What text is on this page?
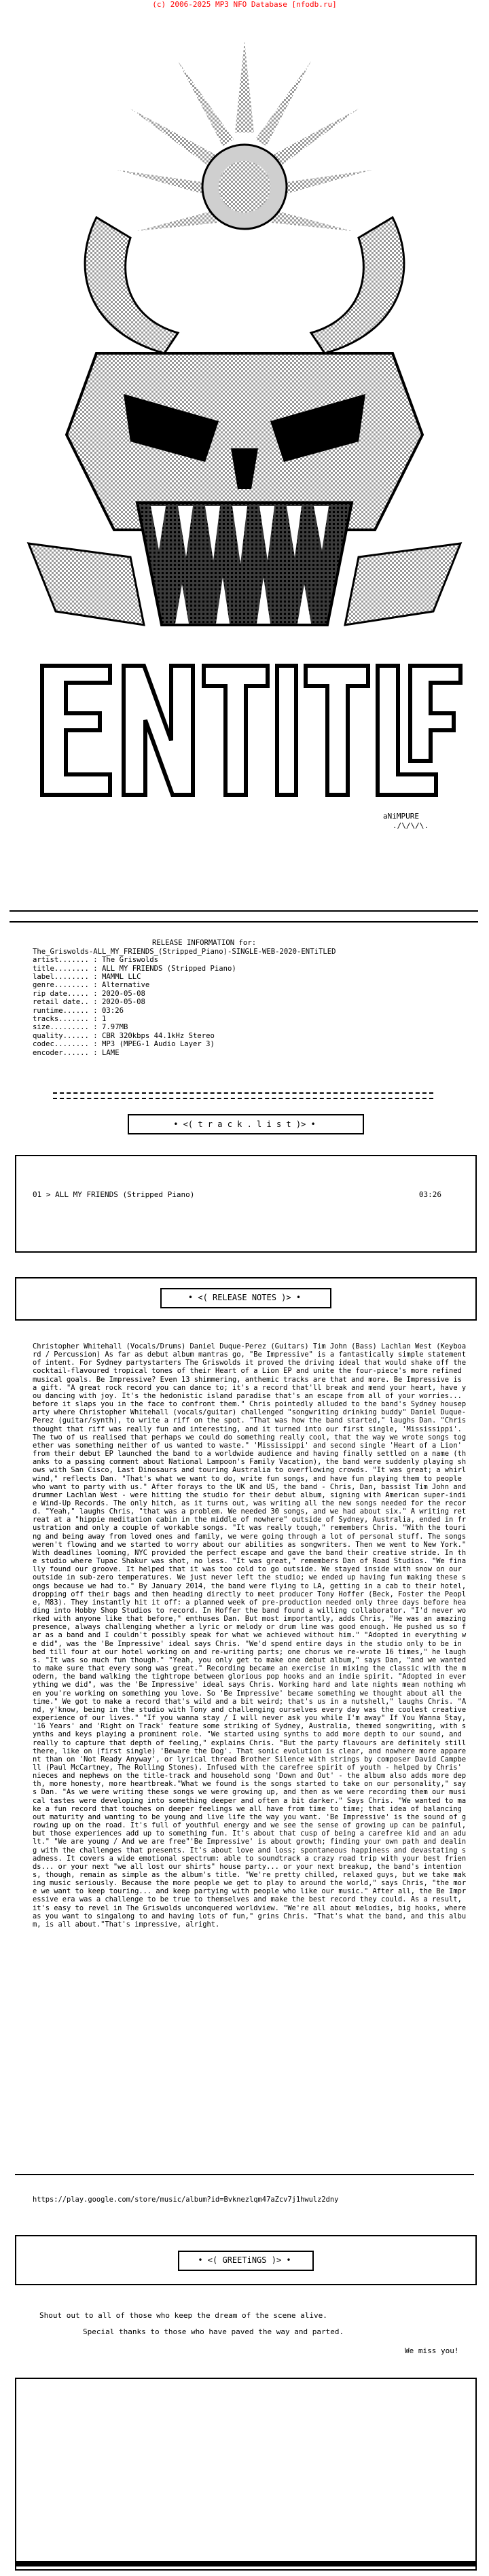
(c) 2006-2025 MP3 NFO Database [nfodb.ru]
aNiMPURE
./\/\/\.

RELEASE INFORMATION for:
The_Griswolds-ALL_MY_FRIENDS_(Stripped_Piano)-SINGLE-WEB-2020-ENTiTLED
artist....... : The Griswolds
title........ : ALL MY FRIENDS (Stripped Piano)
label........ : MAMML LLC
genre........ : Alternative
rip date..... : 2020-05-08
retail date.. : 2020-05-08
runtime...... : 03:26
tracks....... : 1
size......... : 7.97MB
quality...... : CBR 320kbps 44.1kHz Stereo
codec........ : MP3 (MPEG-1 Audio Layer 3)
encoder...... : LAME
• <( t r a c k . l i s t )> •
01 > ALL MY FRIENDS (Stripped Piano)	03:26
• <( RELEASE NOTES )> •
Christopher Whitehall (Vocals/Drums) Daniel Duque-Perez (Guitars) Tim John (Bass) Lachlan West (Keyboard / Percussion) As far as debut album mantras go, "Be Impressive" is a fantastically simple statement of intent. For Sydney partystarters The Griswolds it proved the driving ideal that would shake off the cocktail-flavoured tropical tones of their Heart of a Lion EP and unite the four-piece's more refined musical goals. Be Impressive? Even 13 shimmering, anthemic tracks are that and more. Be Impressive is a gift. "A great rock record you can dance to; it's a record that'll break and mend your heart, have you dancing with joy. It's the hedonistic island paradise that's an escape from all of your worries... before it slaps you in the face to confront them." Chris pointedly alluded to the band's Sydney houseparty where Christopher Whitehall (vocals/guitar) challenged "songwriting drinking buddy" Daniel Duque-Perez (guitar/synth), to write a riff on the spot. "That was how the band started," laughs Dan. "Chris thought that riff was really fun and interesting, and it turned into our first single, 'Mississippi'. The two of us realised that perhaps we could do something really cool, that the way we wrote songs together was something neither of us wanted to waste." 'Mississippi' and second single 'Heart of a Lion' from their debut EP launched the band to a worldwide audience and having finally settled on a name (thanks to a passing comment about National Lampoon's Family Vacation), the band were suddenly playing shows with San Cisco, Last Dinosaurs and touring Australia to overflowing crowds. "It was great; a whirlwind," reflects Dan. "That's what we want to do, write fun songs, and have fun playing them to people who want to party with us." After forays to the UK and US, the band - Chris, Dan, bassist Tim John and drummer Lachlan West - were hitting the studio for their debut album, signing with American super-indie Wind-Up Records. The only hitch, as it turns out, was writing all the new songs needed for the record. "Yeah," laughs Chris, "that was a problem. We needed 30 songs, and we had about six." A writing retreat at a "hippie meditation cabin in the middle of nowhere" outside of Sydney, Australia, ended in frustration and only a couple of workable songs. "It was really tough," remembers Chris. "With the touring and being away from loved ones and family, we were going through a lot of personal stuff. The songs weren't flowing and we started to worry about our abilities as songwriters. Then we went to New York." With deadlines looming, NYC provided the perfect escape and gave the band their creative stride. In the studio where Tupac Shakur was shot, no less. "It was great," remembers Dan of Road Studios. "We finally found our groove. It helped that it was too cold to go outside. We stayed inside with snow on our outside in sub-zero temperatures. We just never left the studio; we ended up having fun making these songs because we had to." By January 2014, the band were flying to LA, getting in a cab to their hotel, dropping off their bags and then heading directly to meet producer Tony Hoffer (Beck, Foster the People, M83). They instantly hit it off: a planned week of pre-production needed only three days before heading into Hobby Shop Studios to record. In Hoffer the band found a willing collaborator. "I'd never worked with anyone like that before," enthuses Dan. But most importantly, adds Chris, "He was an amazing presence, always challenging whether a lyric or melody or drum line was good enough. He pushed us so far as a band and I couldn't possibly speak for what we achieved without him." "Adopted in everything we did", was the 'Be Impressive' ideal says Chris. "We'd spend entire days in the studio only to be in bed till four at our hotel working on and re-writing parts; one chorus we re-wrote 16 times," he laughs. "It was so much fun though." "Yeah, you only get to make one debut album," says Dan, "and we wanted to make sure that every song was great." Recording became an exercise in mixing the classic with the modern, the band walking the tightrope between glorious pop hooks and an indie spirit. "Adopted in everything we did", was the 'Be Impressive' ideal says Chris. Working hard and late nights mean nothing when you're working on something you love. So 'Be Impressive' became something we thought about all the time." We got to make a record that's wild and a bit weird; that's us in a nutshell," laughs Chris. "And, y'know, being in the studio with Tony and challenging ourselves every day was the coolest creative experience of our lives." "If you wanna stay / I will never ask you while I'm away" If You Wanna Stay, '16 Years' and 'Right on Track' feature some striking of Sydney, Australia, themed songwriting, with synths and keys playing a prominent role. "We started using synths to add more depth to our sound, and really to capture that depth of feeling," explains Chris. "But the party flavours are definitely still there, like on (first single) 'Beware the Dog'. That sonic evolution is clear, and nowhere more apparent than on 'Not Ready Anyway', or lyrical thread Brother Silence with strings by composer David Campbell (Paul McCartney, The Rolling Stones). Infused with the carefree spirit of youth - helped by Chris' nieces and nephews on the title-track and household song 'Down and Out' - the album also adds more depth, more honesty, more heartbreak."What we found is the songs started to take on our personality," says Dan. "As we were writing these songs we were growing up, and then as we were recording them our musical tastes were developing into something deeper and often a bit darker." Says Chris. "We wanted to make a fun record that touches on deeper feelings we all have from time to time; that idea of balancing out maturity and wanting to be young and live life the way you want. 'Be Impressive' is the sound of growing up on the road. It's full of youthful energy and we see the sense of growing up can be painful, but those experiences add up to something fun. It's about that cusp of being a carefree kid and an adult." "We are young / And we are free"'Be Impressive' is about growth; finding your own path and dealing with the challenges that presents. It's about love and loss; spontaneous happiness and devastating sadness. It covers a wide emotional spectrum: able to soundtrack a crazy road trip with your best friends... or your next "we all lost our shirts" house party... or your next breakup, the band's intentions, though, remain as simple as the album's title. "We're pretty chilled, relaxed guys, but we take making music seriously. Because the more people we get to play to around the world," says Chris, "the more we want to keep touring... and keep partying with people who like our music." After all, the Be Impressive era was a challenge to be true to themselves and make the best record they could. As a result, it's easy to revel in The Griswolds unconquered worldview. "We're all about melodies, big hooks, whereas you want to singalong to and having lots of fun," grins Chris. "That's what the band, and this album, is all about."That's impressive, alright.
https://play.google.com/store/music/album?id=Bvknezlqm47aZcv7j1hwulz2dny
• <( GREETiNGS )> •
Shout out to all of those who keep the dream of the scene alive.
Special thanks to those who have paved the way and parted.
We miss you!
